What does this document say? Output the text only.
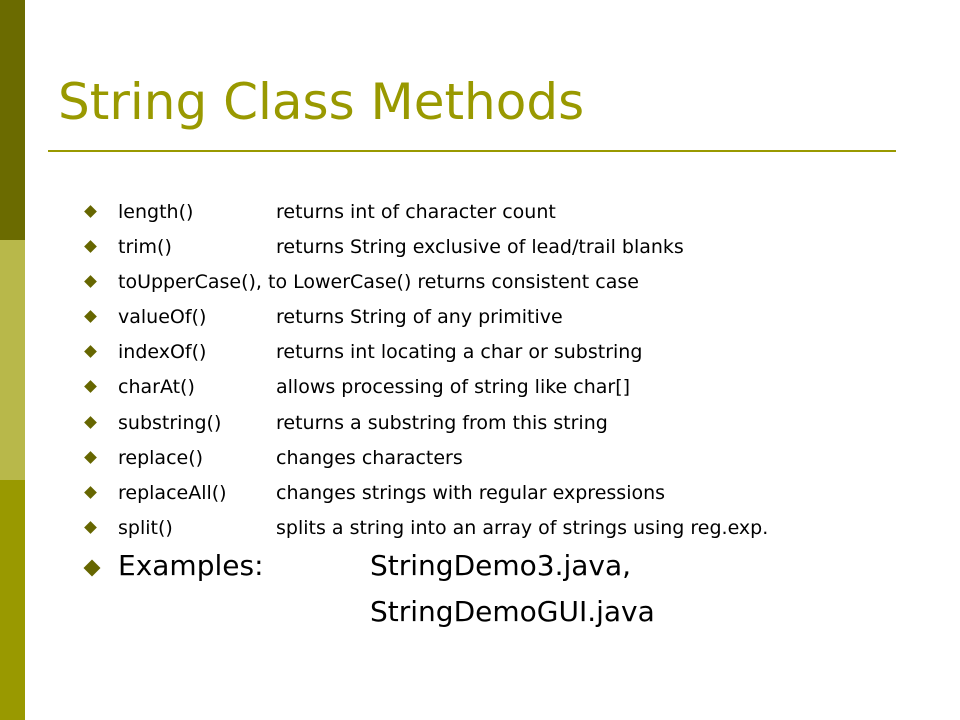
String Class Methods
length()	returns int of character count
trim()	returns String exclusive of lead/trail blanks
toUpperCase(), to LowerCase() returns consistent case
valueOf()	returns String of any primitive
indexOf()	returns int locating a char or substring
charAt()	allows processing of string like char[]
substring()	returns a substring from this string
replace()	changes characters
replaceAll()	changes strings with regular expressions
split()	splits a string into an array of strings using reg.exp.
Examples:	StringDemo3.java,
StringDemoGUI.java
